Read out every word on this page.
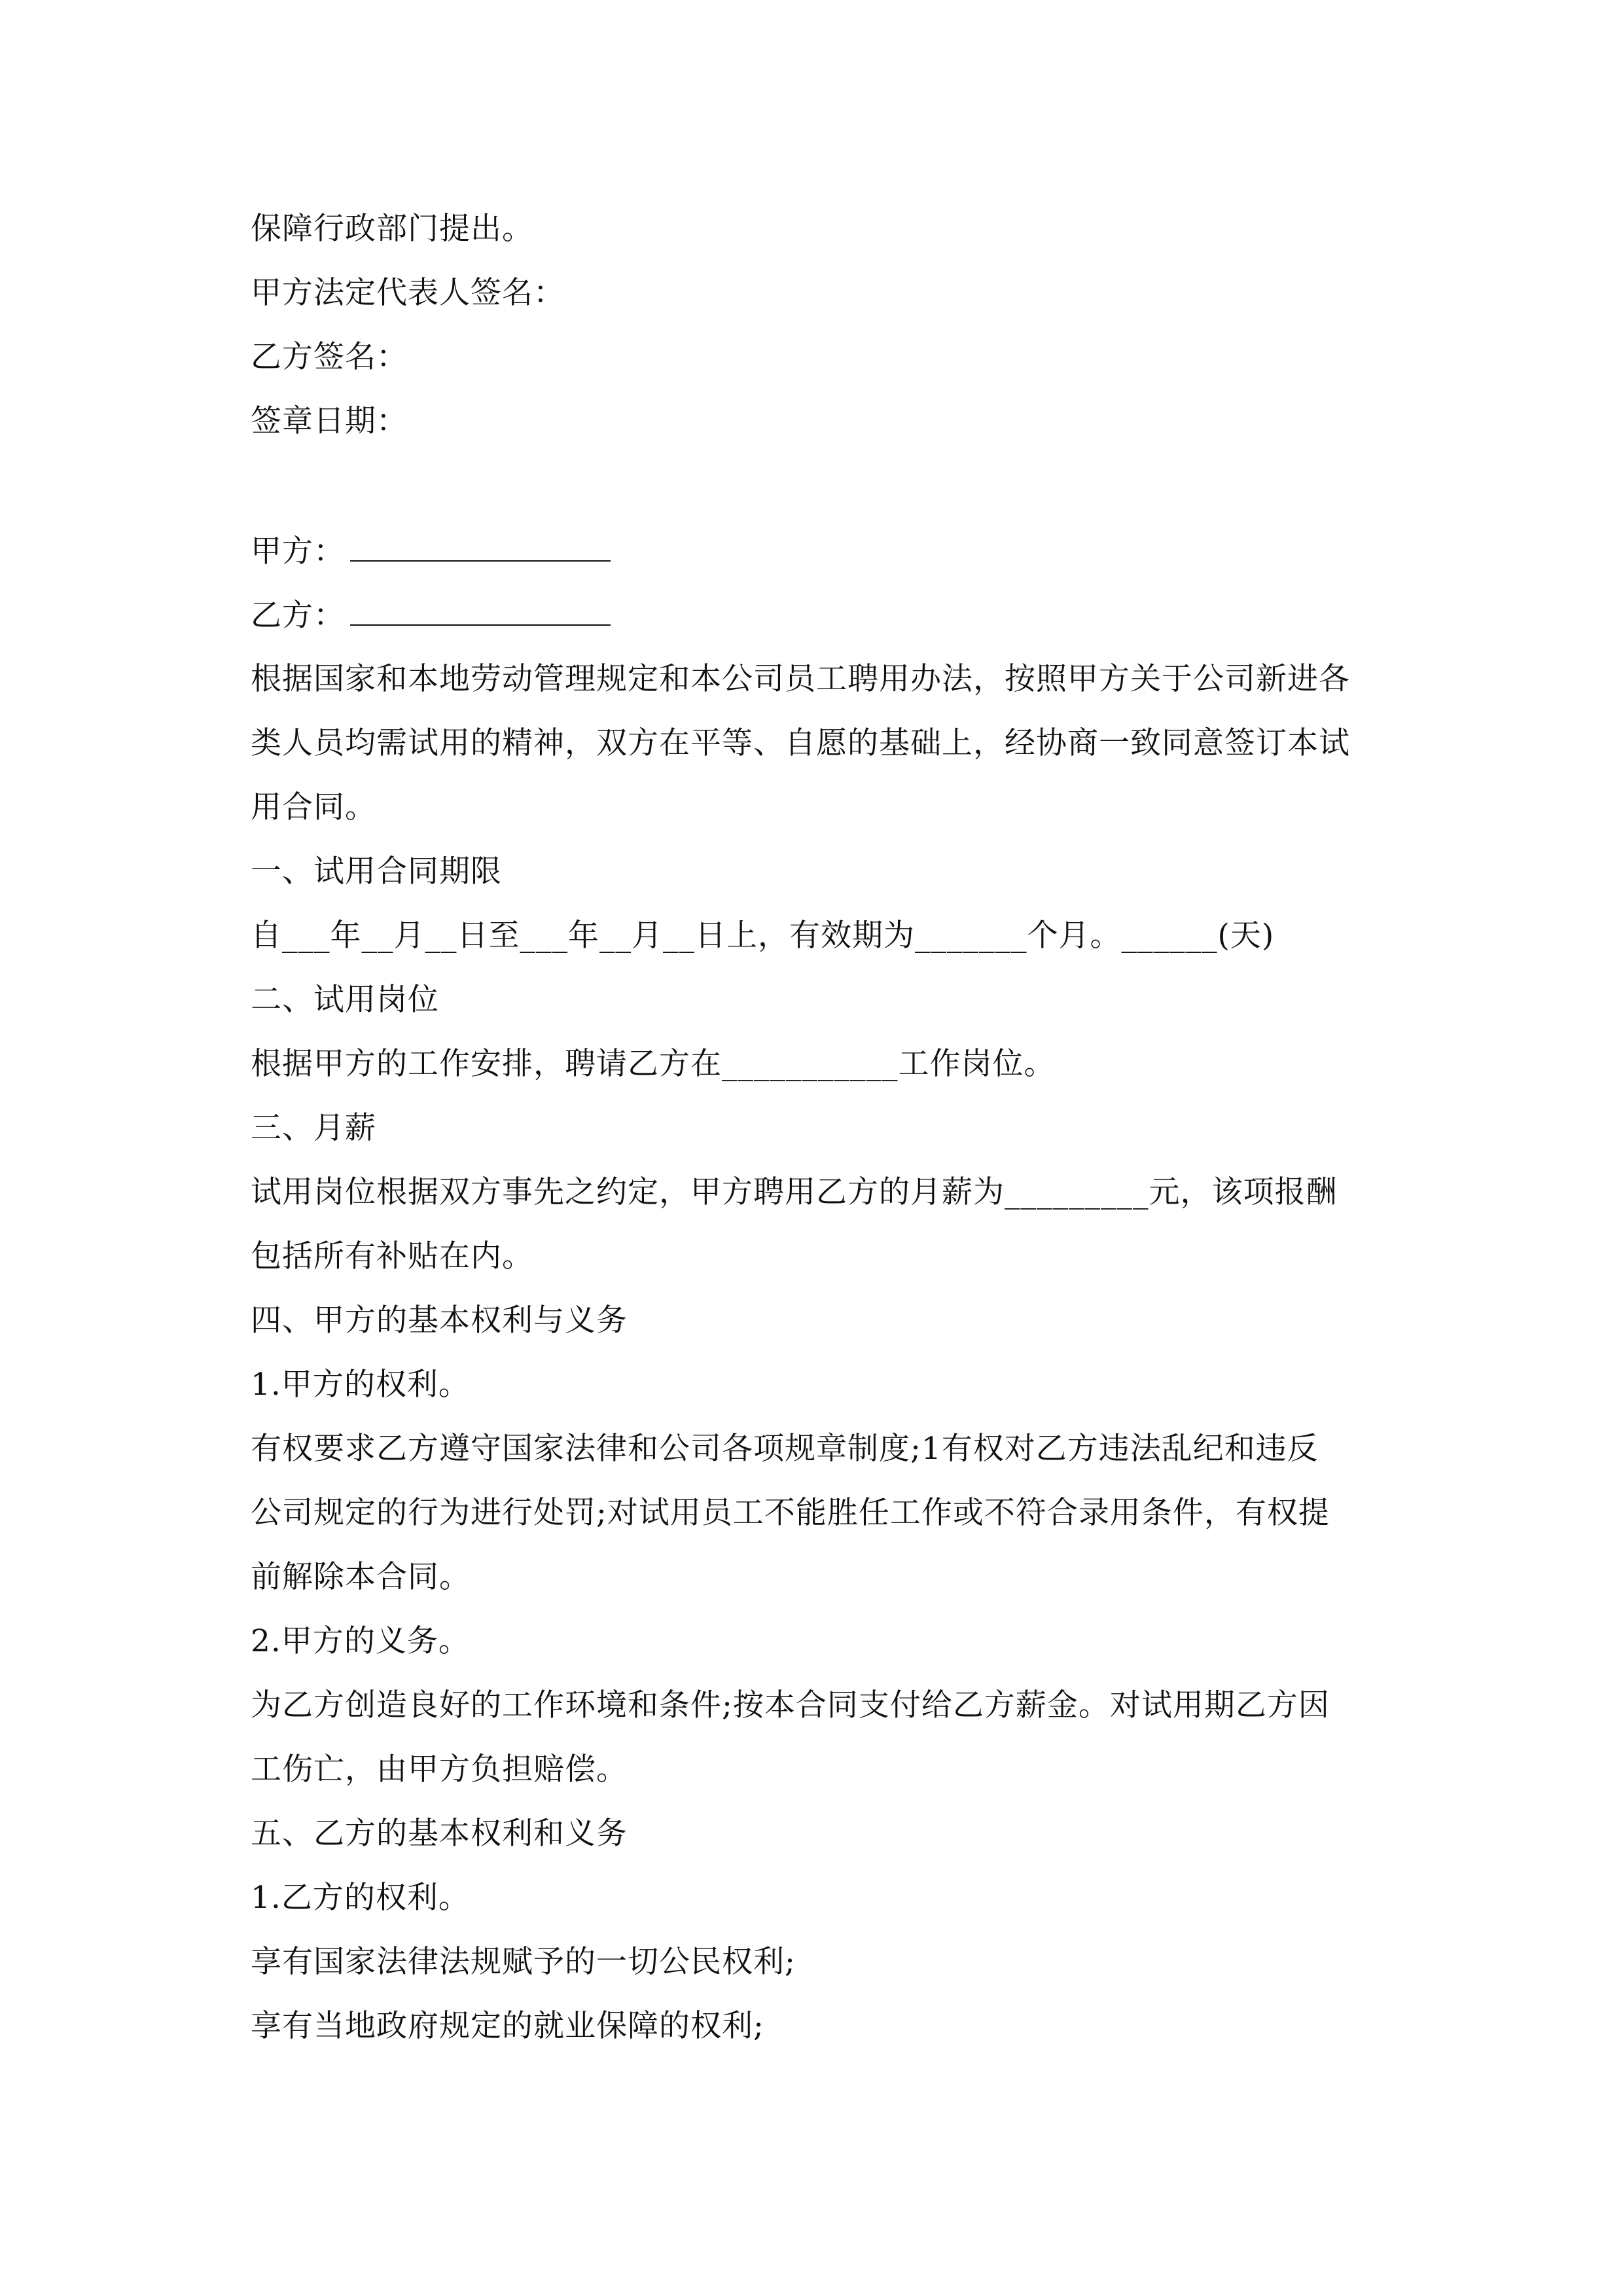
保障行政部门提出。
甲方法定代表人签名：
乙方签名：
签章日期：
甲方：
乙方：
根据国家和本地劳动管理规定和本公司员工聘用办法，按照甲方关于公司新进各
类人员均需试用的精神，双方在平等、自愿的基础上，经协商一致同意签订本试
用合同。
一、试用合同期限
自___年__月__日至___年__月__日上，有效期为_______个月。______(天)
二、试用岗位
根据甲方的工作安排，聘请乙方在___________工作岗位。
三、月薪
试用岗位根据双方事先之约定，甲方聘用乙方的月薪为_________元，该项报酬
包括所有补贴在内。
四、甲方的基本权利与义务
1.甲方的权利。
有权要求乙方遵守国家法律和公司各项规章制度;1有权对乙方违法乱纪和违反
公司规定的行为进行处罚;对试用员工不能胜任工作或不符合录用条件，有权提
前解除本合同。
2.甲方的义务。
为乙方创造良好的工作环境和条件;按本合同支付给乙方薪金。对试用期乙方因
工伤亡，由甲方负担赔偿。
五、乙方的基本权利和义务
1.乙方的权利。
享有国家法律法规赋予的一切公民权利;
享有当地政府规定的就业保障的权利;
